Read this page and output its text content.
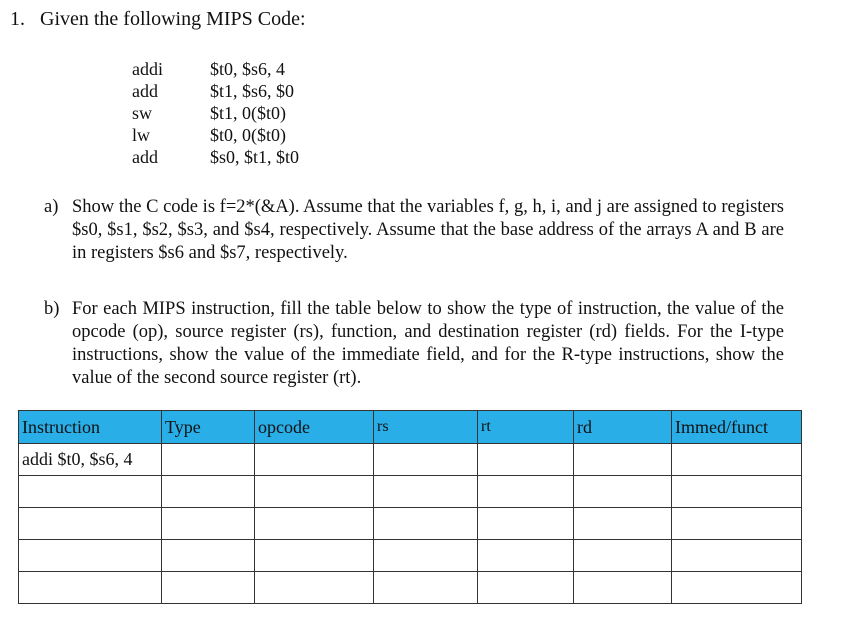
1. Given the following MIPS Code:
addi	$t0, $s6, 4
add	$t1, $s6, $0
sw	$t1, 0($t0)
lw	$t0, 0($t0)
add	$s0, $t1, $t0
a) Show the C code is f=2*(&A). Assume that the variables f, g, h, i, and j are assigned to registers $s0, $s1, $s2, $s3, and $s4, respectively. Assume that the base address of the arrays A and B are in registers $s6 and $s7, respectively.
b) For each MIPS instruction, fill the table below to show the type of instruction, the value of the opcode (op), source register (rs), function, and destination register (rd) fields. For the I-type instructions, show the value of the immediate field, and for the R-type instructions, show the value of the second source register (rt).
Instruction	Type	opcode	rs	rt	rd	Immed/funct
addi $t0, $s6, 4						
